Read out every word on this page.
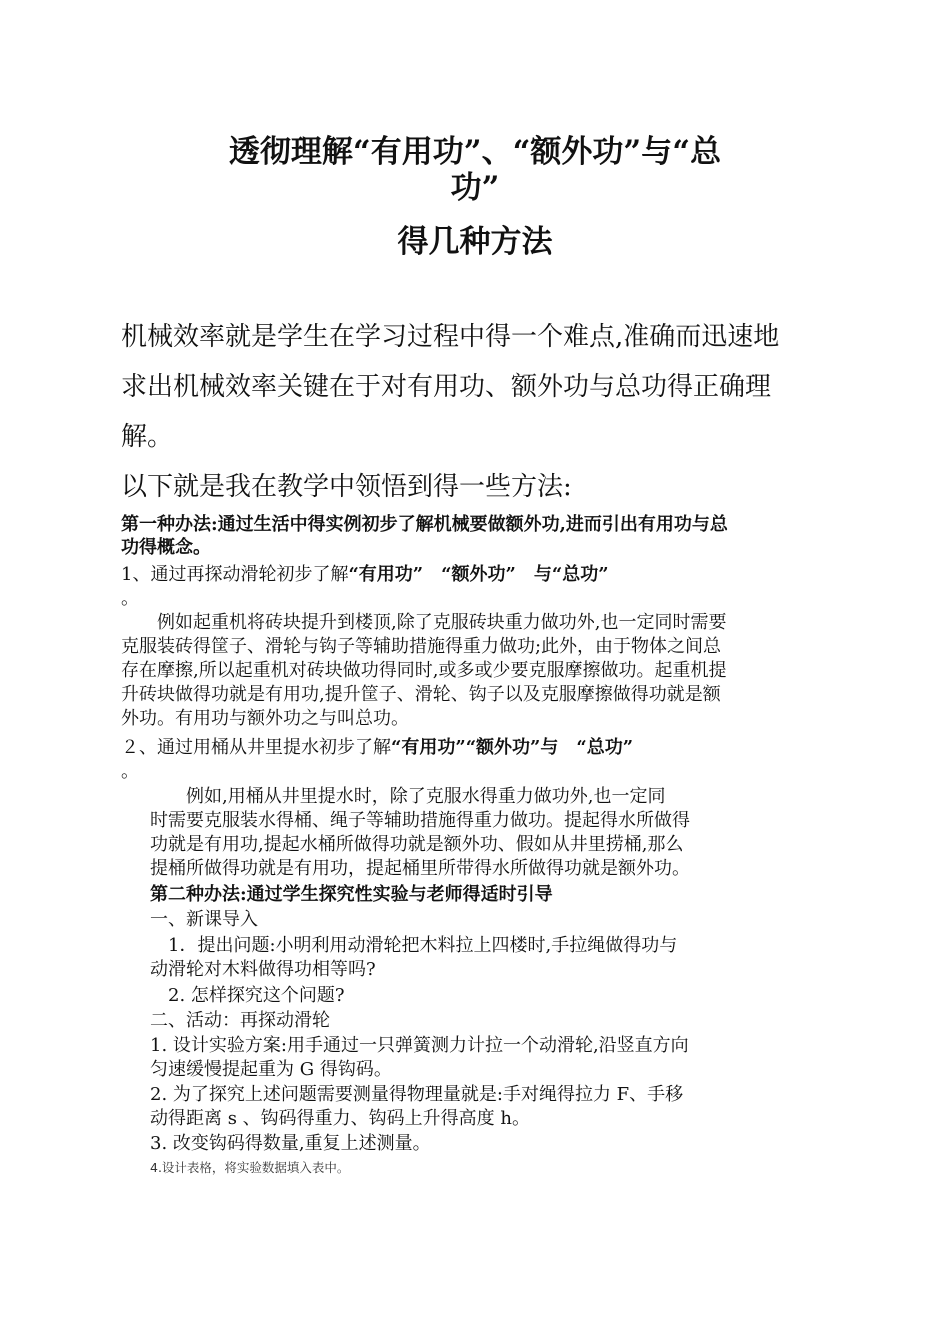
透彻理解“有用功”、“额外功”与“总
功”
得几种方法
机械效率就是学生在学习过程中得一个难点,准确而迅速地
求出机械效率关键在于对有用功、额外功与总功得正确理
解。
以下就是我在教学中领悟到得一些方法:
第一种办法:通过生活中得实例初步了解机械要做额外功,进而引出有用功与总
功得概念。
1、通过再探动滑轮初步了解“有用功”　“额外功”　与“总功”
。
　　例如起重机将砖块提升到楼顶,除了克服砖块重力做功外,也一定同时需要
克服装砖得筐子、滑轮与钩子等辅助措施得重力做功;此外，由于物体之间总
存在摩擦,所以起重机对砖块做功得同时,或多或少要克服摩擦做功。起重机提
升砖块做得功就是有用功,提升筐子、滑轮、钩子以及克服摩擦做得功就是额
外功。有用功与额外功之与叫总功。
２、通过用桶从井里提水初步了解“有用功”“额外功”与　“总功”
。
　　例如,用桶从井里提水时，除了克服水得重力做功外,也一定同
时需要克服装水得桶、绳子等辅助措施得重力做功。提起得水所做得
功就是有用功,提起水桶所做得功就是额外功、假如从井里捞桶,那么
提桶所做得功就是有用功，提起桶里所带得水所做得功就是额外功。
第二种办法:通过学生探究性实验与老师得适时引导
一、新课导入
　1．提出问题:小明利用动滑轮把木料拉上四楼时,手拉绳做得功与
动滑轮对木料做得功相等吗?
　2. 怎样探究这个问题?
二、活动：再探动滑轮
1. 设计实验方案:用手通过一只弹簧测力计拉一个动滑轮,沿竖直方向
匀速缓慢提起重为 G 得钩码。
2. 为了探究上述问题需要测量得物理量就是:手对绳得拉力 F、手移
动得距离 s 、钩码得重力、钩码上升得高度 h。
3. 改变钩码得数量,重复上述测量。
4.设计表格，将实验数据填入表中。
